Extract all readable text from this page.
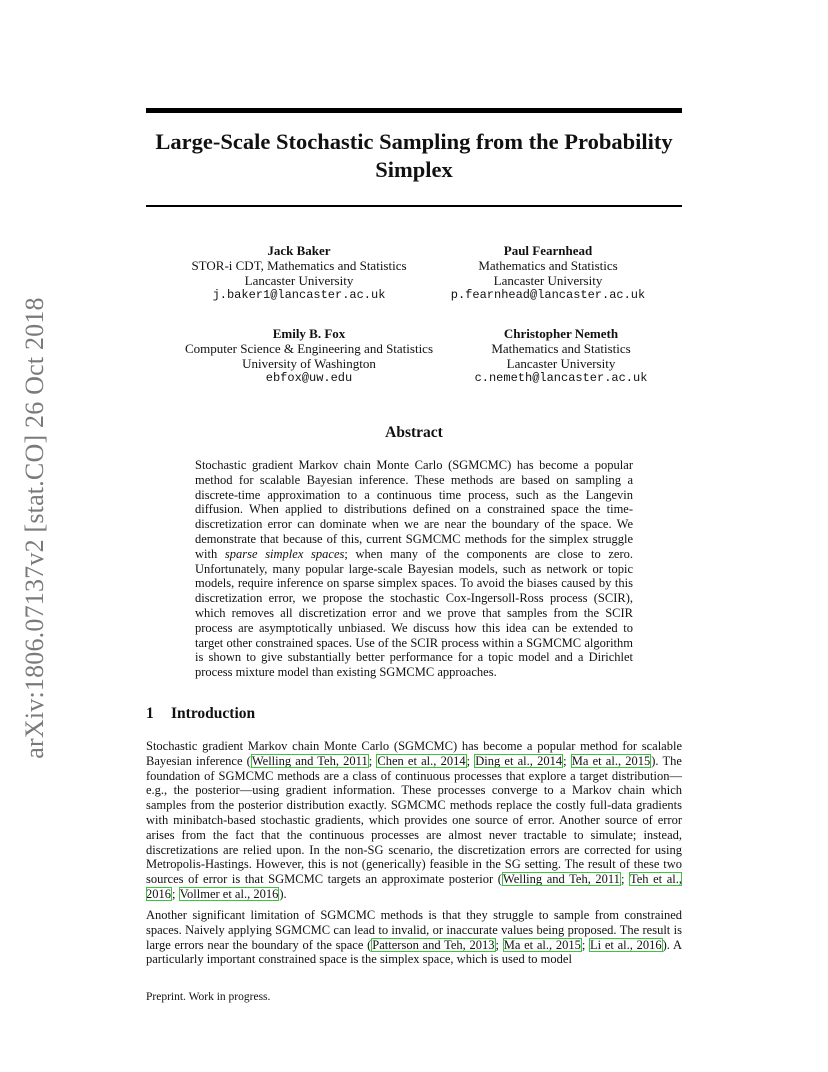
arXiv:1806.07137v2 [stat.CO] 26 Oct 2018
Large-Scale Stochastic Sampling from the Probability Simplex
Jack Baker
STOR-i CDT, Mathematics and Statistics
Lancaster University
j.baker1@lancaster.ac.uk
Paul Fearnhead
Mathematics and Statistics
Lancaster University
p.fearnhead@lancaster.ac.uk
Emily B. Fox
Computer Science & Engineering and Statistics
University of Washington
ebfox@uw.edu
Christopher Nemeth
Mathematics and Statistics
Lancaster University
c.nemeth@lancaster.ac.uk
Abstract
Stochastic gradient Markov chain Monte Carlo (SGMCMC) has become a popular method for scalable Bayesian inference. These methods are based on sampling a discrete-time approximation to a continuous time process, such as the Langevin diffusion. When applied to distributions defined on a constrained space the time-discretization error can dominate when we are near the boundary of the space. We demonstrate that because of this, current SGMCMC methods for the simplex struggle with sparse simplex spaces; when many of the components are close to zero. Unfortunately, many popular large-scale Bayesian models, such as network or topic models, require inference on sparse simplex spaces. To avoid the biases caused by this discretization error, we propose the stochastic Cox-Ingersoll-Ross process (SCIR), which removes all discretization error and we prove that samples from the SCIR process are asymptotically unbiased. We discuss how this idea can be extended to target other constrained spaces. Use of the SCIR process within a SGMCMC algorithm is shown to give substantially better performance for a topic model and a Dirichlet process mixture model than existing SGMCMC approaches.
1 Introduction
Stochastic gradient Markov chain Monte Carlo (SGMCMC) has become a popular method for scalable Bayesian inference (Welling and Teh, 2011; Chen et al., 2014; Ding et al., 2014; Ma et al., 2015). The foundation of SGMCMC methods are a class of continuous processes that explore a target distribution—e.g., the posterior—using gradient information. These processes converge to a Markov chain which samples from the posterior distribution exactly. SGMCMC methods replace the costly full-data gradients with minibatch-based stochastic gradients, which provides one source of error. Another source of error arises from the fact that the continuous processes are almost never tractable to simulate; instead, discretizations are relied upon. In the non-SG scenario, the discretization errors are corrected for using Metropolis-Hastings. However, this is not (generically) feasible in the SG setting. The result of these two sources of error is that SGMCMC targets an approximate posterior (Welling and Teh, 2011; Teh et al., 2016; Vollmer et al., 2016).
Another significant limitation of SGMCMC methods is that they struggle to sample from constrained spaces. Naively applying SGMCMC can lead to invalid, or inaccurate values being proposed. The result is large errors near the boundary of the space (Patterson and Teh, 2013; Ma et al., 2015; Li et al., 2016). A particularly important constrained space is the simplex space, which is used to model
Preprint. Work in progress.
